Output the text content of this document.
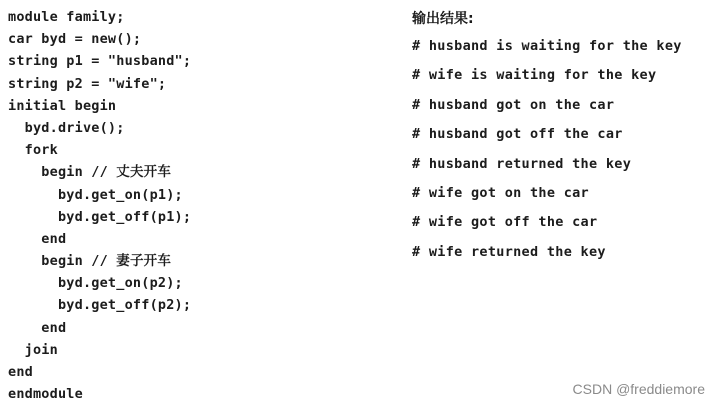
module family;
car byd = new();
string p1 = "husband";
string p2 = "wife";
initial begin
byd.drive();
fork
begin // 丈夫开车
byd.get_on(p1);
byd.get_off(p1);
end
begin // 妻子开车
byd.get_on(p2);
byd.get_off(p2);
end
join
end
endmodule
输出结果:
# husband is waiting for the key
# wife is waiting for the key
# husband got on the car
# husband got off the car
# husband returned the key
# wife got on the car
# wife got off the car
# wife returned the key
CSDN @freddiemore
